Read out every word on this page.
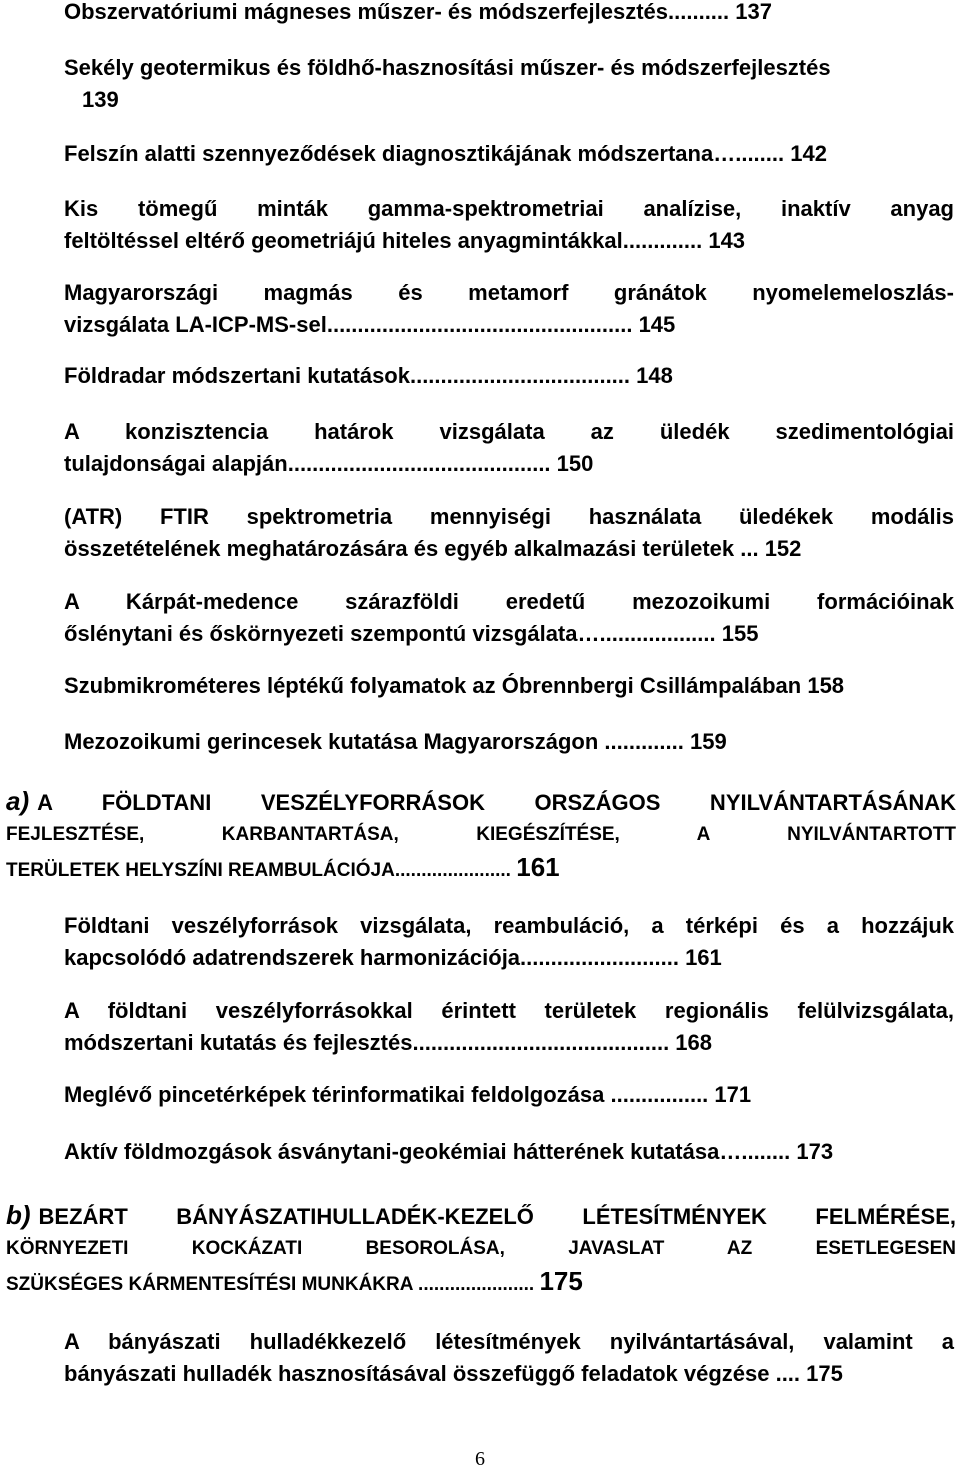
Obszervatóriumi mágneses műszer- és módszerfejlesztés.......... 137
Sekély geotermikus és földhő-hasznosítási műszer- és módszerfejlesztés
139
Felszín alatti szennyeződések diagnosztikájának módszertana…........ 142
Kis tömegű minták gamma-spektrometriai analízise, inaktív anyag
feltöltéssel eltérő geometriájú hiteles anyagmintákkal............. 143
Magyarországi magmás és metamorf gránátok nyomelemeloszlás-
vizsgálata LA-ICP-MS-sel.................................................. 145
Földradar módszertani kutatások.................................... 148
A konzisztencia határok vizsgálata az üledék szedimentológiai
tulajdonságai alapján........................................... 150
(ATR) FTIR spektrometria mennyiségi használata üledékek modális
összetételének meghatározására és egyéb alkalmazási területek ... 152
A Kárpát-medence szárazföldi eredetű mezozoikumi formációinak
őslénytani és őskörnyezeti szempontú vizsgálata…................... 155
Szubmikrométeres léptékű folyamatok az Óbrennbergi Csillámpalában 158
Mezozoikumi gerincesek kutatása Magyarországon ............. 159
a) A FÖLDTANI VESZÉLYFORRÁSOK ORSZÁGOS NYILVÁNTARTÁSÁNAK
FEJLESZTÉSE, KARBANTARTÁSA, KIEGÉSZÍTÉSE, A NYILVÁNTARTOTT
TERÜLETEK HELYSZÍNI REAMBULÁCIÓJA...................... 161
Földtani veszélyforrások vizsgálata, reambuláció, a térképi és a hozzájuk
kapcsolódó adatrendszerek harmonizációja.......................... 161
A földtani veszélyforrásokkal érintett területek regionális felülvizsgálata,
módszertani kutatás és fejlesztés.......................................... 168
Meglévő pincetérképek térinformatikai feldolgozása ................ 171
Aktív földmozgások ásványtani-geokémiai hátterének kutatása…........ 173
b) BEZÁRT BÁNYÁSZATIHULLADÉK-KEZELŐ LÉTESÍTMÉNYEK FELMÉRÉSE,
KÖRNYEZETI KOCKÁZATI BESOROLÁSA, JAVASLAT AZ ESETLEGESEN
SZÜKSÉGES KÁRMENTESÍTÉSI MUNKÁKRA ...................... 175
A bányászati hulladékkezelő létesítmények nyilvántartásával, valamint a
bányászati hulladék hasznosításával összefüggő feladatok végzése .... 175
6
